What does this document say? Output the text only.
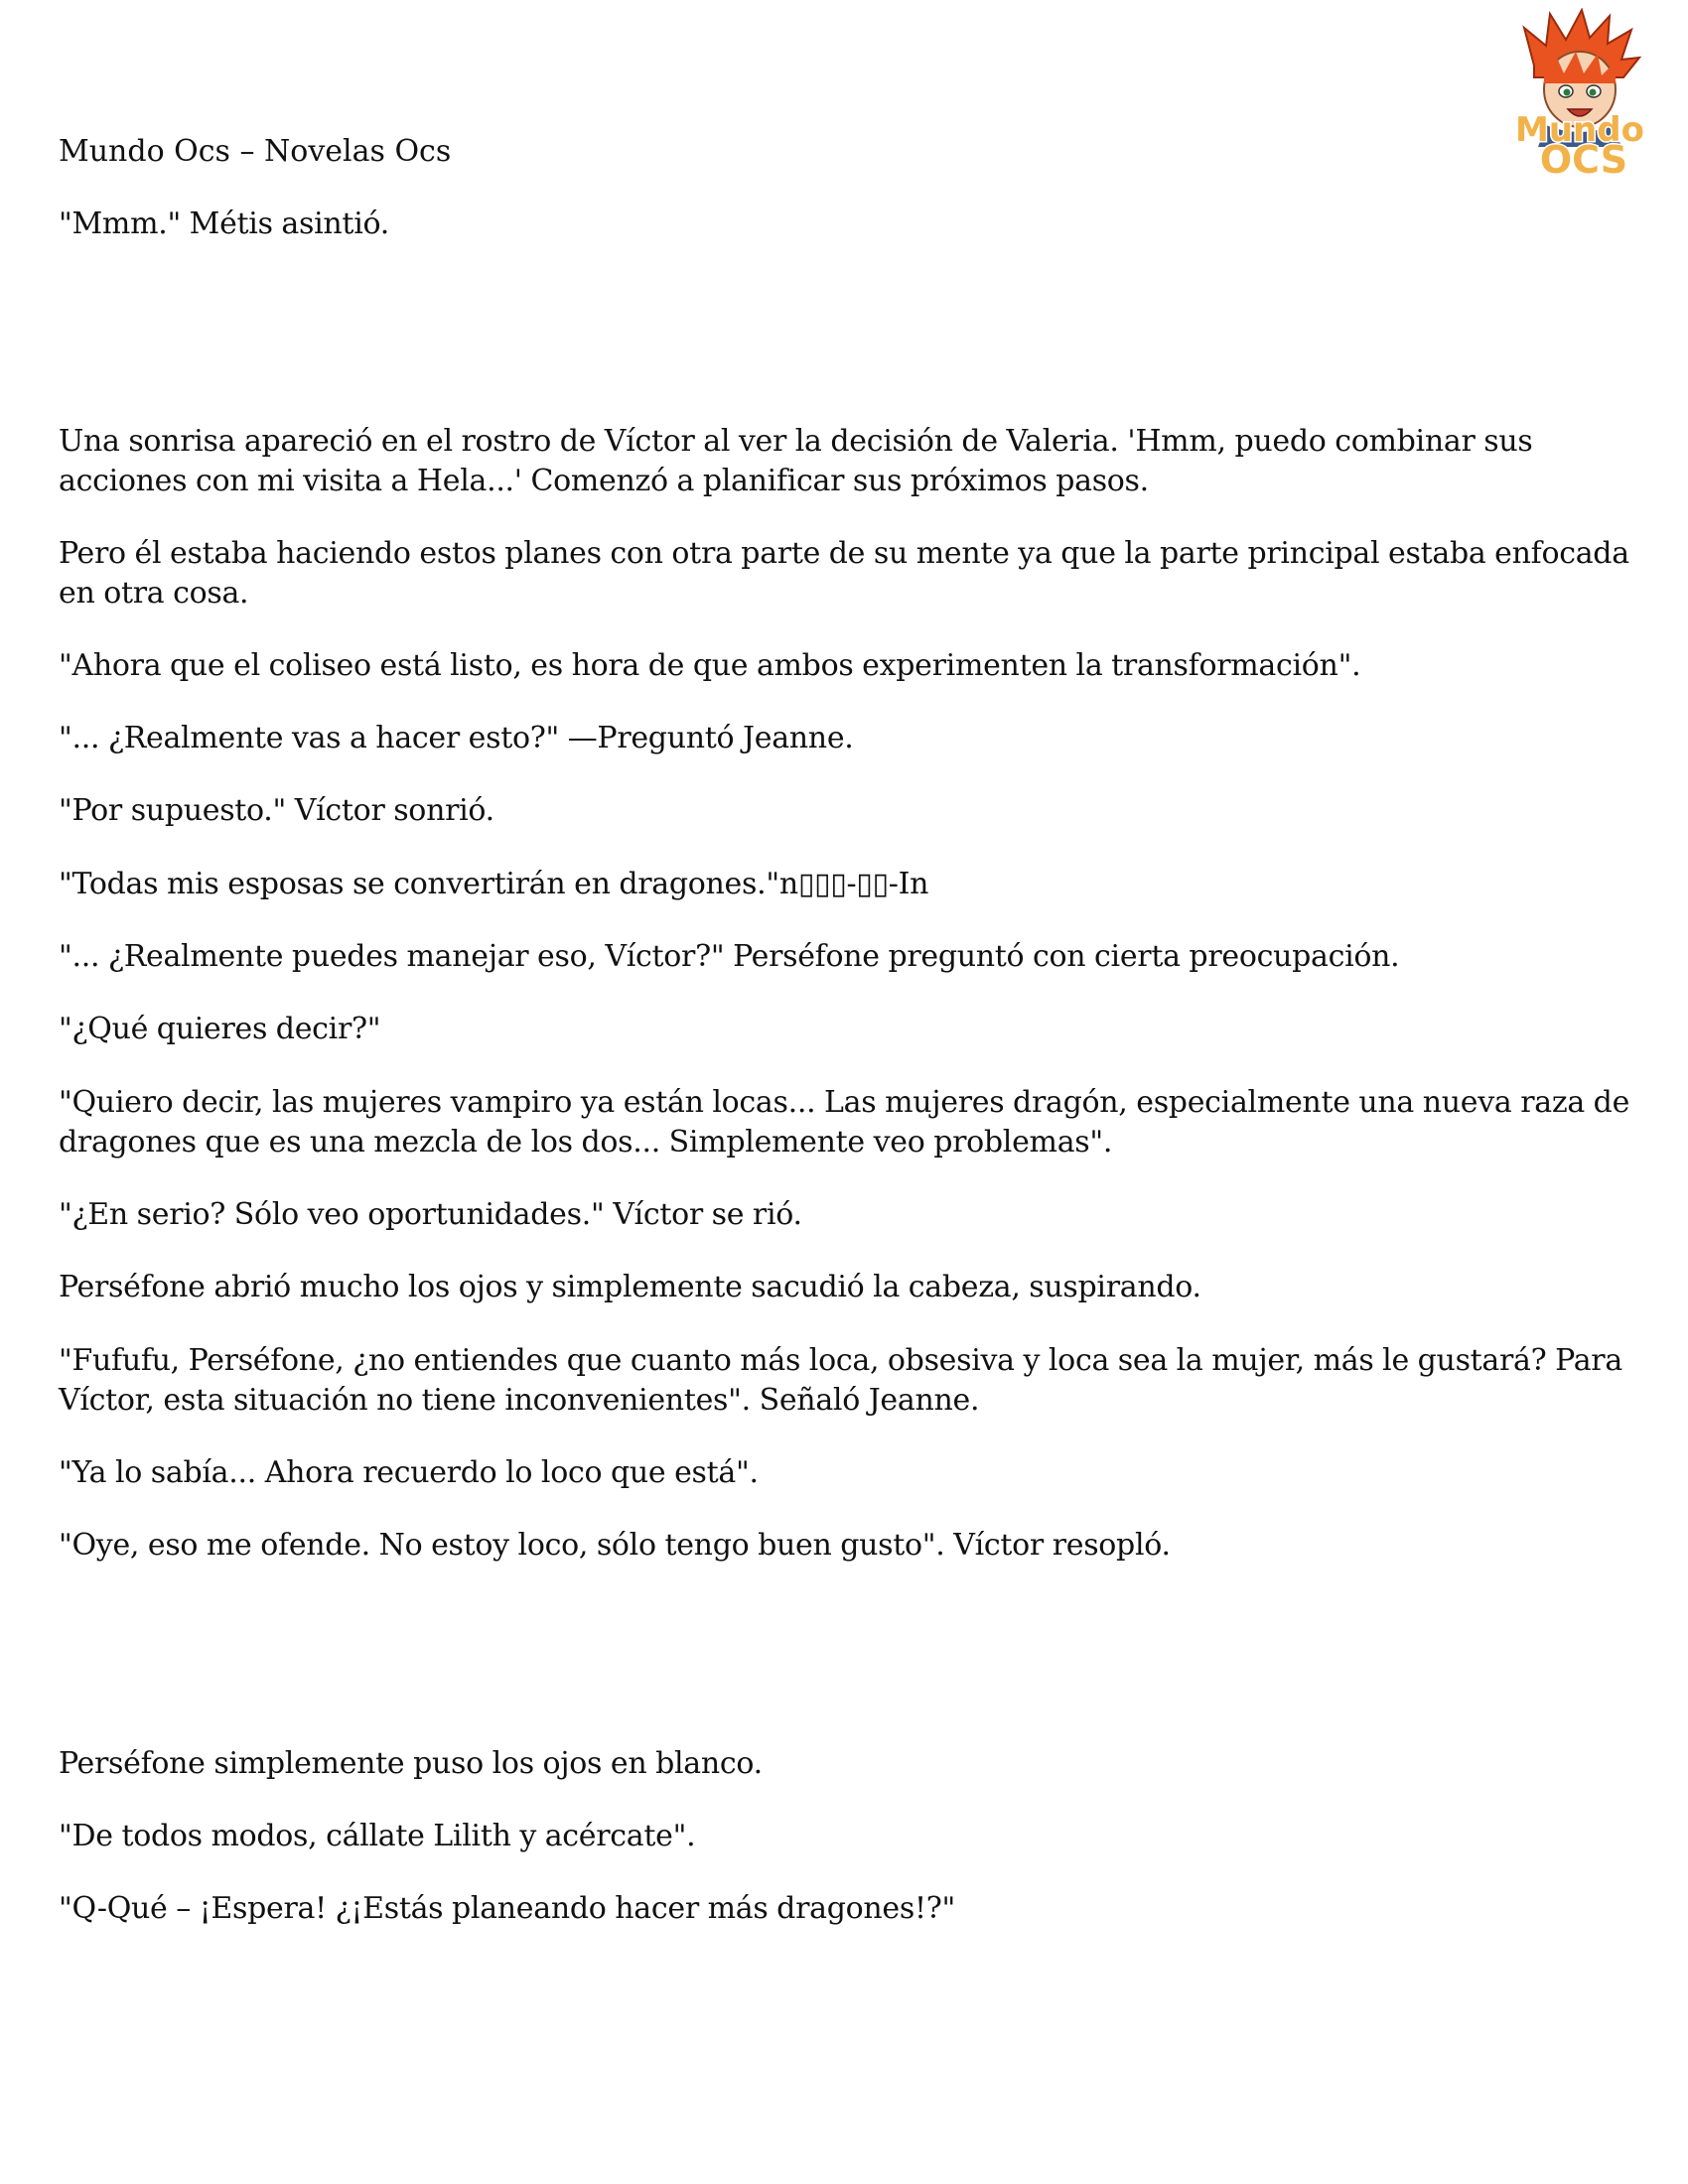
Mundo Ocs – Novelas Ocs
Mundo
OCS

"Mmm." Métis asintió.

Una sonrisa apareció en el rostro de Víctor al ver la decisión de Valeria. 'Hmm, puedo combinar sus acciones con mi visita a Hela...' Comenzó a planificar sus próximos pasos.

Pero él estaba haciendo estos planes con otra parte de su mente ya que la parte principal estaba enfocada en otra cosa.

"Ahora que el coliseo está listo, es hora de que ambos experimenten la transformación".

"... ¿Realmente vas a hacer esto?" —Preguntó Jeanne.

"Por supuesto." Víctor sonrió.

"Todas mis esposas se convertirán en dragones."n▯▯▯-▯▯-In

"... ¿Realmente puedes manejar eso, Víctor?" Perséfone preguntó con cierta preocupación.

"¿Qué quieres decir?"

"Quiero decir, las mujeres vampiro ya están locas... Las mujeres dragón, especialmente una nueva raza de dragones que es una mezcla de los dos... Simplemente veo problemas".

"¿En serio? Sólo veo oportunidades." Víctor se rió.

Perséfone abrió mucho los ojos y simplemente sacudió la cabeza, suspirando.

"Fufufu, Perséfone, ¿no entiendes que cuanto más loca, obsesiva y loca sea la mujer, más le gustará? Para Víctor, esta situación no tiene inconvenientes". Señaló Jeanne.

"Ya lo sabía... Ahora recuerdo lo loco que está".

"Oye, eso me ofende. No estoy loco, sólo tengo buen gusto". Víctor resopló.

Perséfone simplemente puso los ojos en blanco.

"De todos modos, cállate Lilith y acércate".

"Q-Qué – ¡Espera! ¿¡Estás planeando hacer más dragones!?"
